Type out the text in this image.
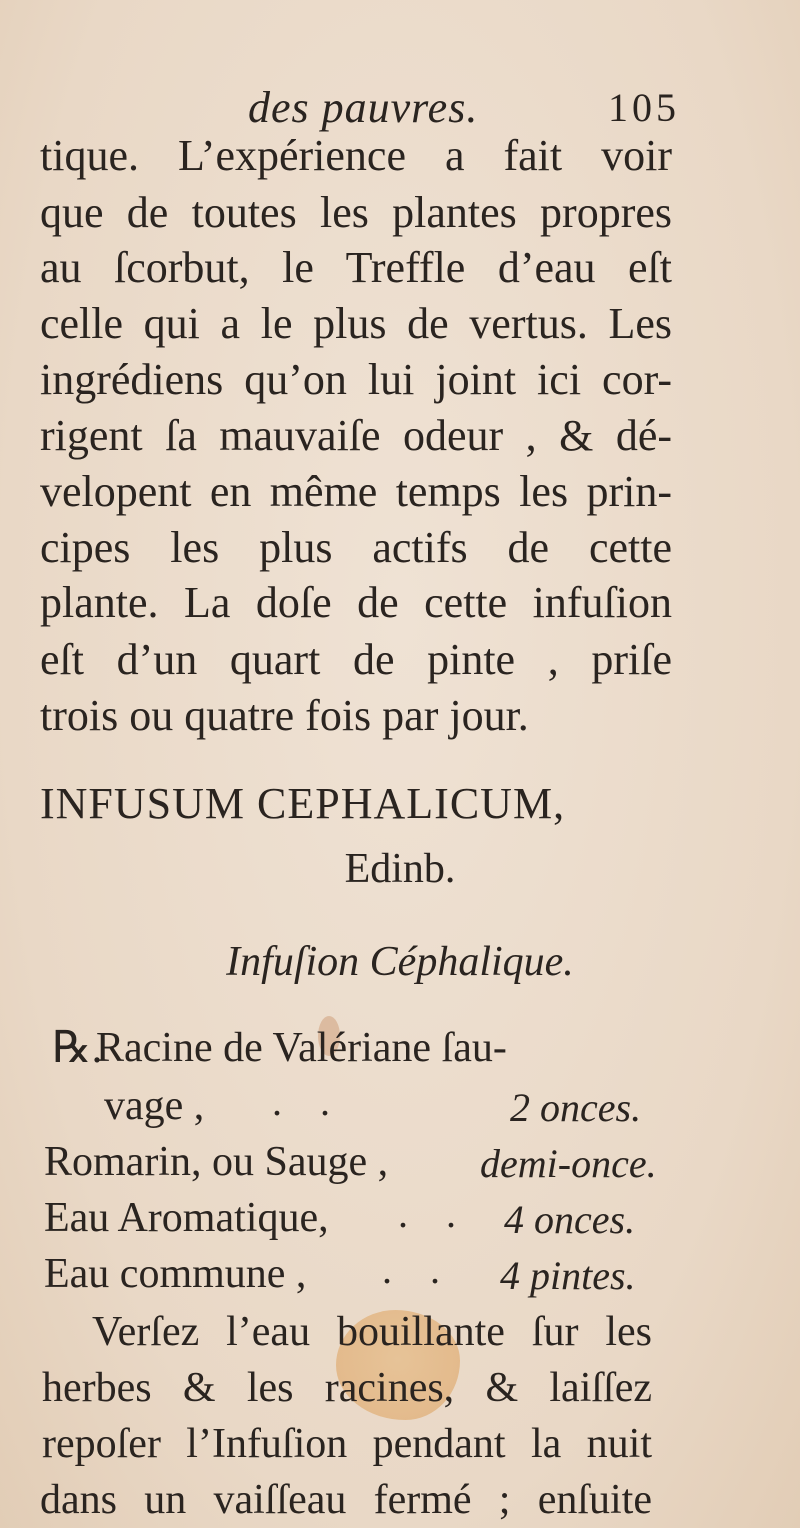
des pauvres.	105
tique. L’expérience a fait voir
que de toutes les plantes propres
au ſcorbut, le Treffle d’eau eſt
celle qui a le plus de vertus. Les
ingrédiens qu’on lui joint ici cor-
rigent ſa mauvaiſe odeur , & dé-
velopent en même temps les prin-
cipes les plus actifs de cette
plante. La doſe de cette infuſion
eſt d’un quart de pinte , priſe
trois ou quatre fois par jour.
INFUSUM CEPHALICUM,
Edinb.
Infuſion Céphalique.
℞.
Racine de Valériane ſau-
vage , ..	2 onces.
Romarin, ou Sauge , demi-once.
Eau Aromatique, .. 4 onces.
Eau commune , .. 4 pintes.
Verſez l’eau bouillante ſur les
herbes & les racines, & laiſſez
repoſer l’Infuſion pendant la nuit
dans un vaiſſeau fermé ; enſuite
